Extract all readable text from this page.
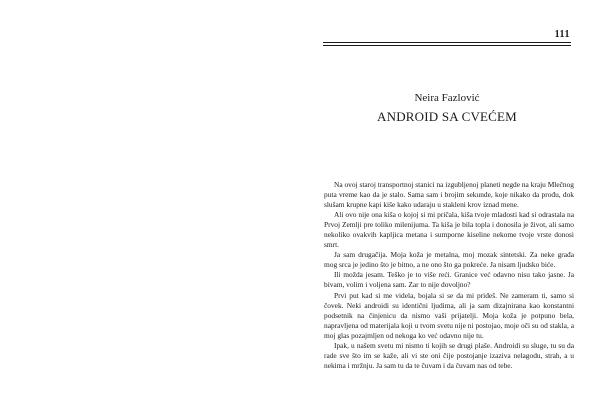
111
Neira Fazlović
ANDROID SA CVEĆEM

Na ovoj staroj transportnoj stanici na izgubljenoj planeti negde na kraju Mlečnog puta vreme kao da je stalo. Sama sam i brojim sekunde, koje nikako da prođu, dok slušam krupne kapi kiše kako udaraju u stakleni krov iznad mene.

Ali ovo nije ona kiša o kojoj si mi pričala, kiša tvoje mladosti kad si odrastala na Prvoj Zemlji pre toliko milenijuma. Ta kiša je bila topla i donosila je život, ali samo nekoliko ovakvih kapljica metana i sumporne kiseline nekome tvoje vrste donosi smrt.

Ja sam drugačija. Moja koža je metalna, moj mozak sintetski. Za neke građa mog srca je jedino što je bitno, a ne ono što ga pokreće. Ja nisam ljudsko biće.

Ili možda jesam. Teško je to više reći. Granice već odavno nisu tako jasne. Ja bivam, volim i voljena sam. Zar to nije dovoljno?

Prvi put kad si me videla, bojala si se da mi priđeš. Ne zameram ti, samo si čovek. Neki androidi su identični ljudima, ali ja sam dizajnirana kao konstantni podsetnik na činjenicu da nismo vaši prijatelji. Moja koža je potpuno bela, napravljena od materijala koji u tvom svetu nije ni postojao, moje oči su od stakla, a moj glas pozajmljen od nekoga ko već odavno nije tu.

Ipak, u našem svetu mi nismo ti kojih se drugi plaše. Androidi su sluge, tu su da rade sve što im se kaže, ali vi ste oni čije postojanje izaziva nelagodu, strah, a u nekima i mržnju. Ja sam tu da te čuvam i da čuvam nas od tebe.
